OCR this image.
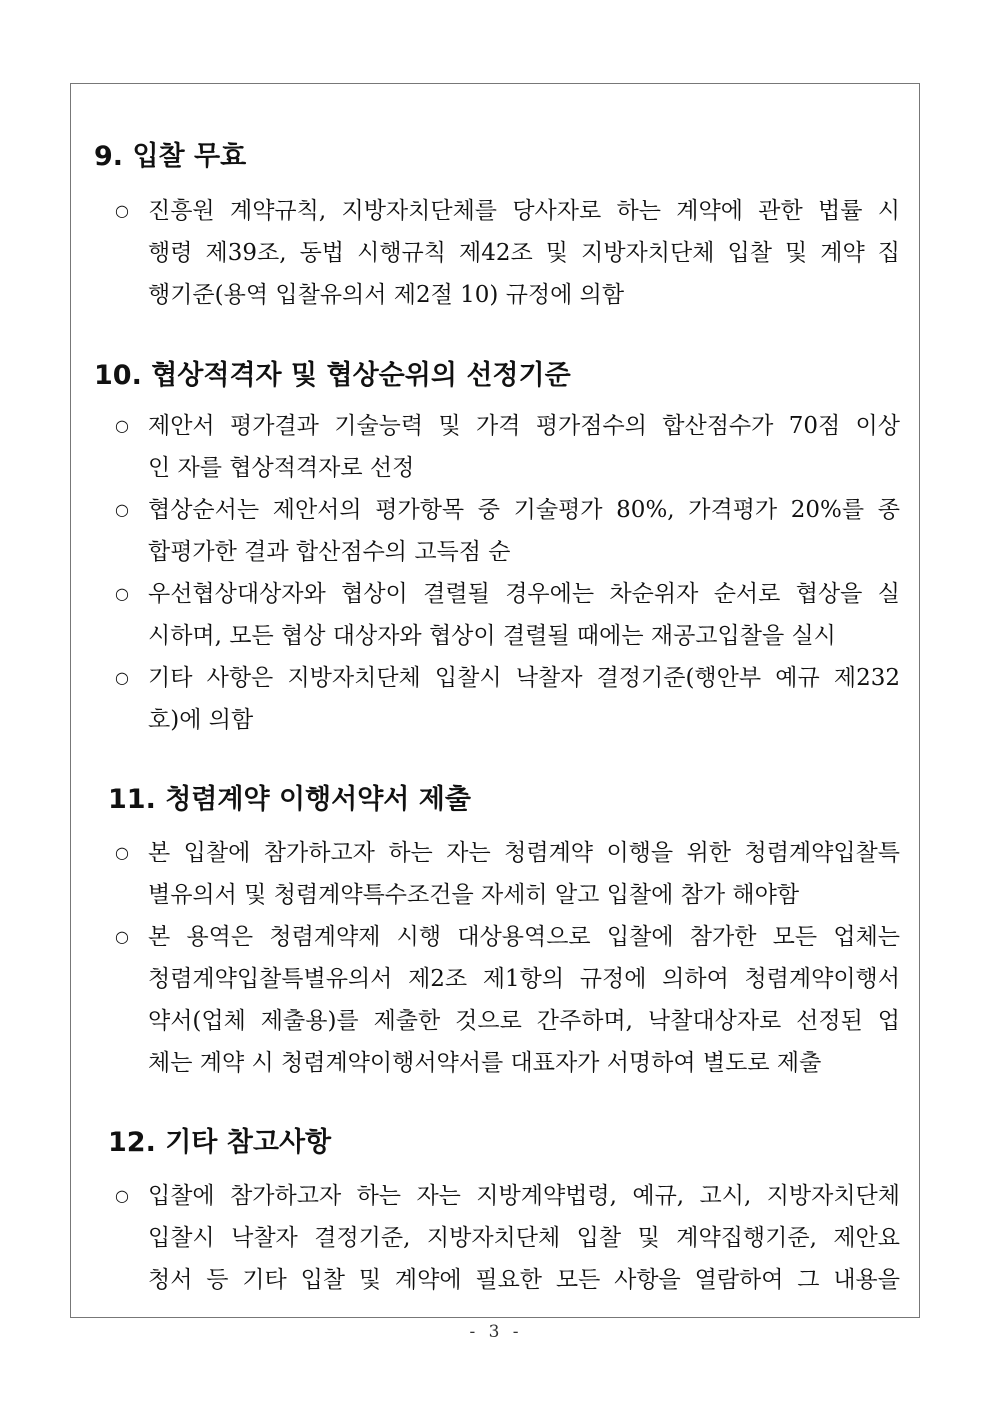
9. 입찰 무효
○ 진흥원 계약규칙, 지방자치단체를 당사자로 하는 계약에 관한 법률 시
행령 제39조, 동법 시행규칙 제42조 및 지방자치단체 입찰 및 계약 집
행기준(용역 입찰유의서 제2절 10) 규정에 의함
10. 협상적격자 및 협상순위의 선정기준
○ 제안서 평가결과 기술능력 및 가격 평가점수의 합산점수가 70점 이상
인 자를 협상적격자로 선정
○ 협상순서는 제안서의 평가항목 중 기술평가 80%, 가격평가 20%를 종
합평가한 결과 합산점수의 고득점 순
○ 우선협상대상자와 협상이 결렬될 경우에는 차순위자 순서로 협상을 실
시하며, 모든 협상 대상자와 협상이 결렬될 때에는 재공고입찰을 실시
○ 기타 사항은 지방자치단체 입찰시 낙찰자 결정기준(행안부 예규 제232
호)에 의함
11. 청렴계약 이행서약서 제출
○ 본 입찰에 참가하고자 하는 자는 청렴계약 이행을 위한 청렴계약입찰특
별유의서 및 청렴계약특수조건을 자세히 알고 입찰에 참가 해야함
○ 본 용역은 청렴계약제 시행 대상용역으로 입찰에 참가한 모든 업체는
청렴계약입찰특별유의서 제2조 제1항의 규정에 의하여 청렴계약이행서
약서(업체 제출용)를 제출한 것으로 간주하며, 낙찰대상자로 선정된 업
체는 계약 시 청렴계약이행서약서를 대표자가 서명하여 별도로 제출
12. 기타 참고사항
○ 입찰에 참가하고자 하는 자는 지방계약법령, 예규, 고시, 지방자치단체
입찰시 낙찰자 결정기준, 지방자치단체 입찰 및 계약집행기준, 제안요
청서 등 기타 입찰 및 계약에 필요한 모든 사항을 열람하여 그 내용을
- 3 -
